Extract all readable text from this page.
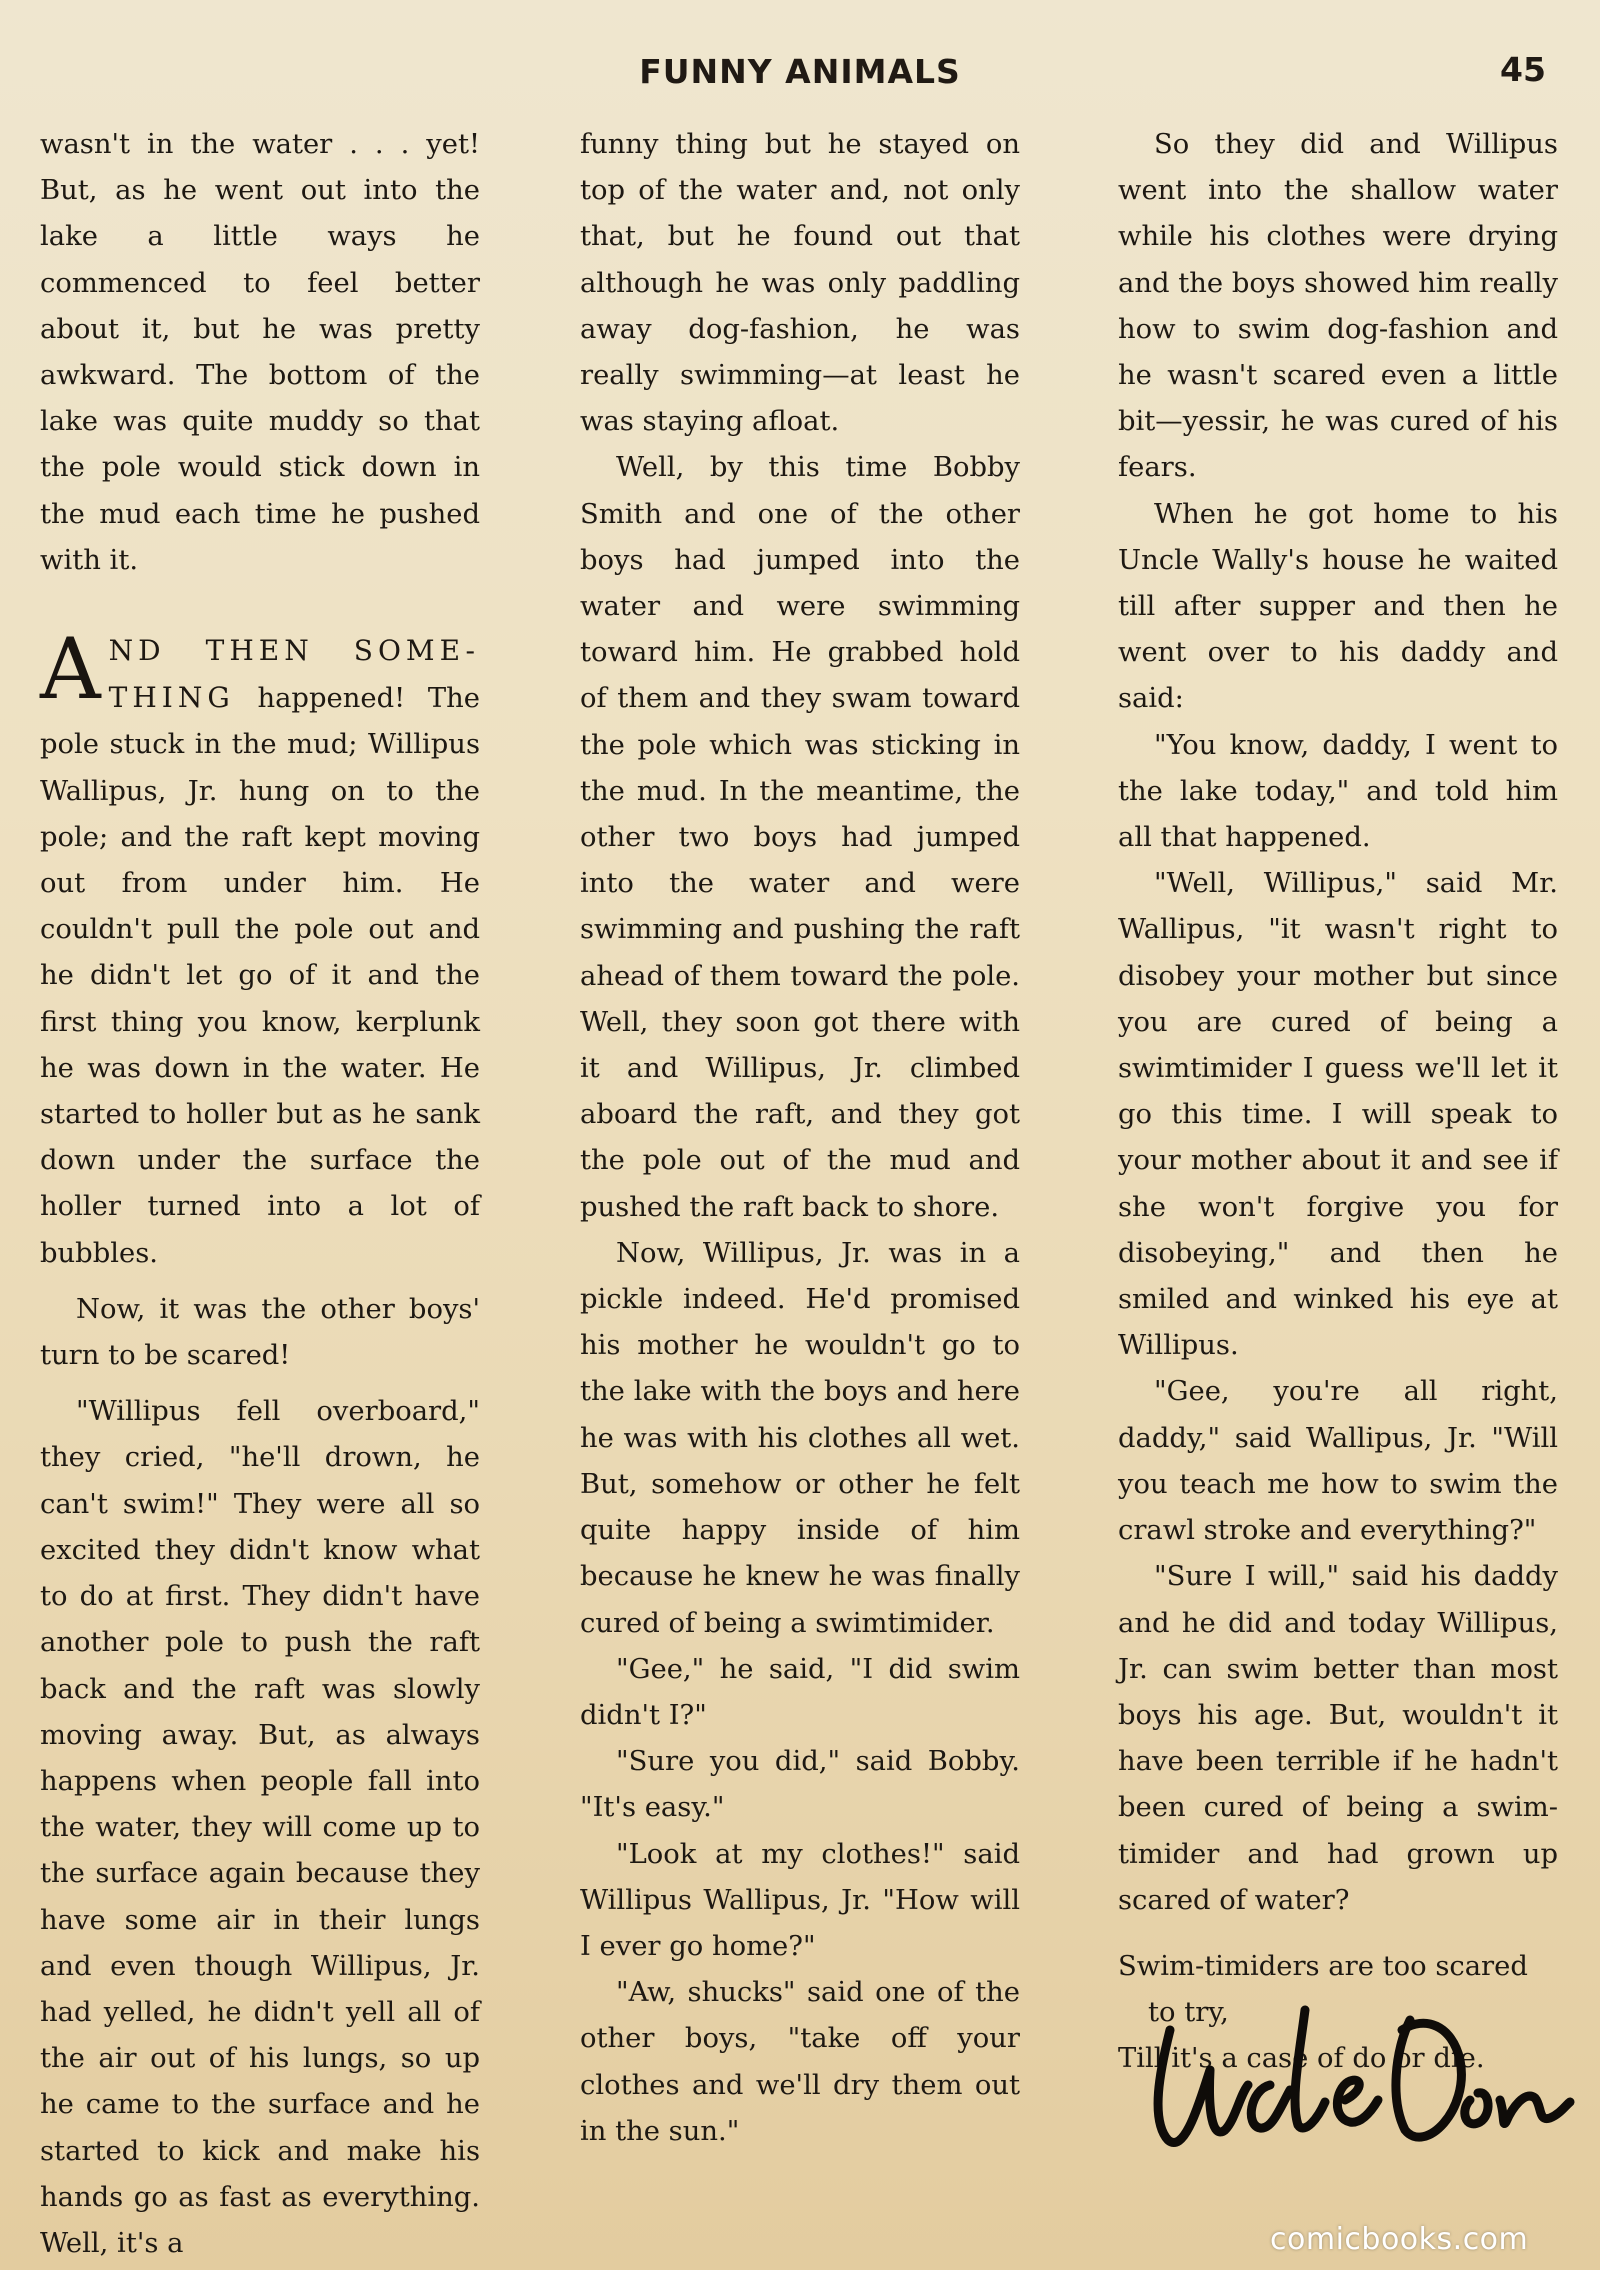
FUNNY ANIMALS	45

wasn't in the water . . . yet! But, as he went out into the lake a little ways he commenced to feel better about it, but he was pretty awkward. The bottom of the lake was quite muddy so that the pole would stick down in the mud each time he pushed with it.

AND THEN SOME-THING happened! The pole stuck in the mud; Willipus Wallipus, Jr. hung on to the pole; and the raft kept moving out from under him. He couldn't pull the pole out and he didn't let go of it and the first thing you know, kerplunk he was down in the water. He started to holler but as he sank down under the surface the holler turned into a lot of bubbles.

Now, it was the other boys' turn to be scared!

"Willipus fell overboard," they cried, "he'll drown, he can't swim!" They were all so excited they didn't know what to do at first. They didn't have another pole to push the raft back and the raft was slowly moving away. But, as always happens when people fall into the water, they will come up to the surface again because they have some air in their lungs and even though Willipus, Jr. had yelled, he didn't yell all of the air out of his lungs, so up he came to the surface and he started to kick and make his hands go as fast as everything. Well, it's a

funny thing but he stayed on top of the water and, not only that, but he found out that although he was only paddling away dog-fashion, he was really swimming—at least he was staying afloat.

Well, by this time Bobby Smith and one of the other boys had jumped into the water and were swimming toward him. He grabbed hold of them and they swam toward the pole which was sticking in the mud. In the meantime, the other two boys had jumped into the water and were swimming and pushing the raft ahead of them toward the pole. Well, they soon got there with it and Willipus, Jr. climbed aboard the raft, and they got the pole out of the mud and pushed the raft back to shore.

Now, Willipus, Jr. was in a pickle indeed. He'd promised his mother he wouldn't go to the lake with the boys and here he was with his clothes all wet. But, somehow or other he felt quite happy inside of him because he knew he was finally cured of being a swimtimider.

"Gee," he said, "I did swim didn't I?"

"Sure you did," said Bobby. "It's easy."

"Look at my clothes!" said Willipus Wallipus, Jr. "How will I ever go home?"

"Aw, shucks" said one of the other boys, "take off your clothes and we'll dry them out in the sun."

So they did and Willipus went into the shallow water while his clothes were drying and the boys showed him really how to swim dog-fashion and he wasn't scared even a little bit—yessir, he was cured of his fears.

When he got home to his Uncle Wally's house he waited till after supper and then he went over to his daddy and said:

"You know, daddy, I went to the lake today," and told him all that happened.

"Well, Willipus," said Mr. Wallipus, "it wasn't right to disobey your mother but since you are cured of being a swimtimider I guess we'll let it go this time. I will speak to your mother about it and see if she won't forgive you for disobeying," and then he smiled and winked his eye at Willipus.

"Gee, you're all right, daddy," said Wallipus, Jr. "Will you teach me how to swim the crawl stroke and everything?"

"Sure I will," said his daddy and he did and today Willipus, Jr. can swim better than most boys his age. But, wouldn't it have been terrible if he hadn't been cured of being a swim-timider and had grown up scared of water?

Swim-timiders are too scared
to try,
Till it's a case of do or die.
comicbooks.com
